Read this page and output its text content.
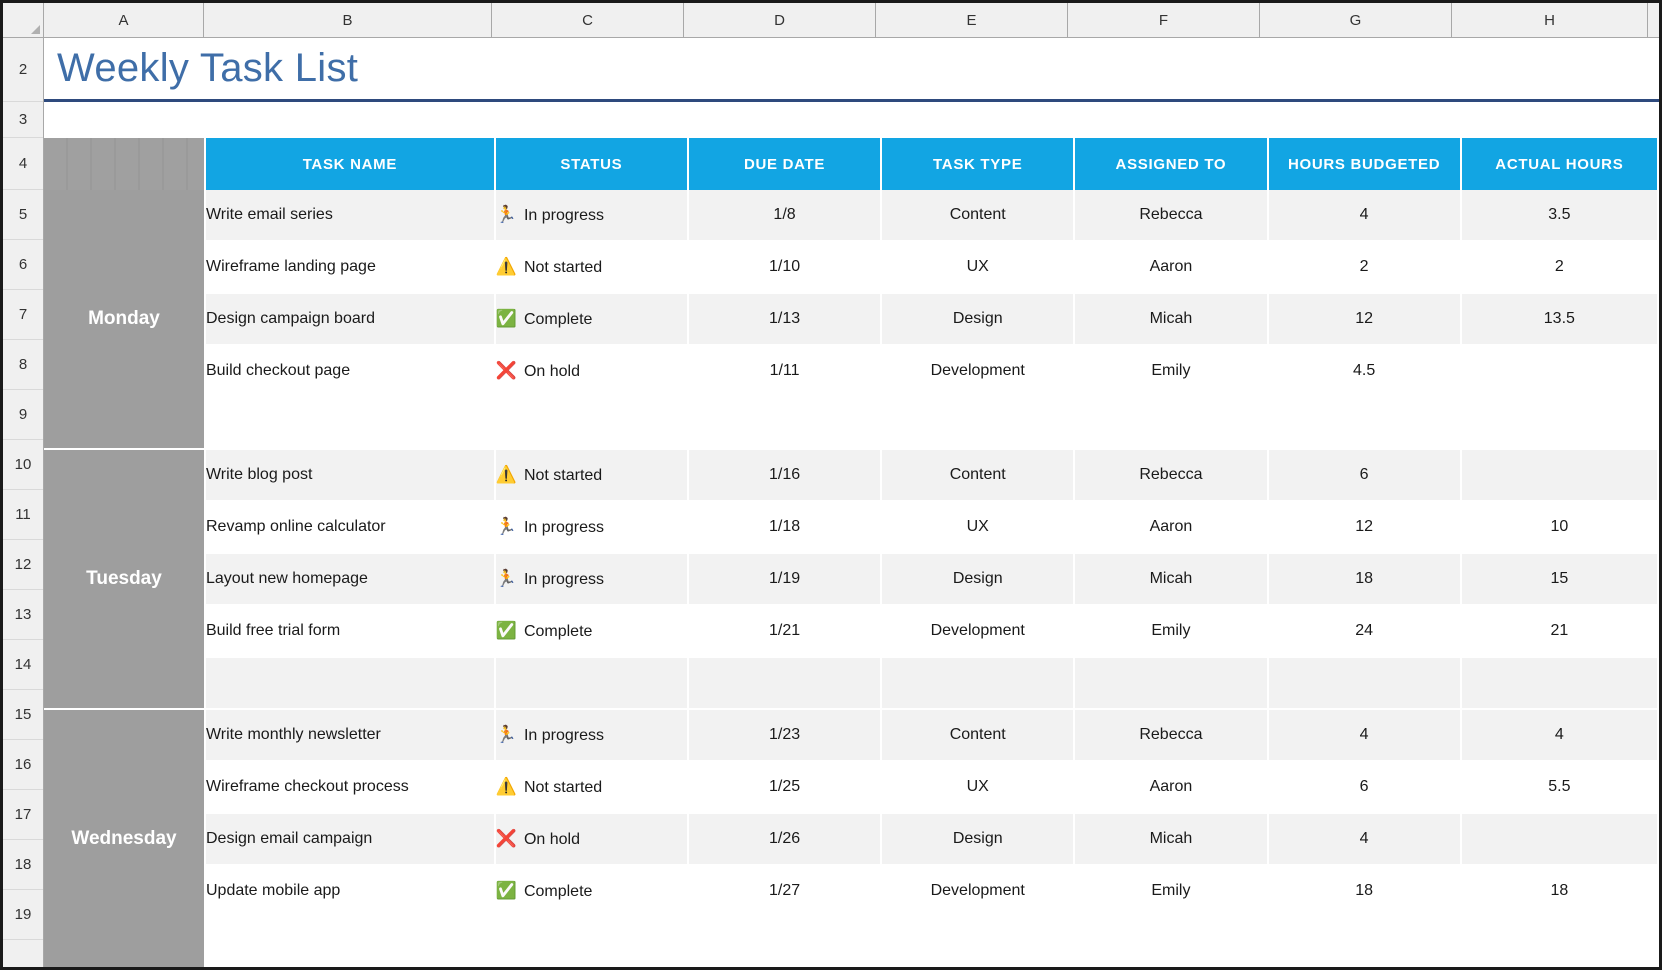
A	B	C	D	E	F	G	H
2
3
4
5
6
7
8
9
10
11
12
13
14
15
16
17
18
19
Weekly Task List
	TASK NAME	STATUS	DUE DATE	TASK TYPE	ASSIGNED TO	HOURS BUDGETED	ACTUAL HOURS
Monday	Write email series	🏃 In progress	1/8	Content	Rebecca	4	3.5
	Wireframe landing page	⚠️ Not started	1/10	UX	Aaron	2	2
	Design campaign board	✅ Complete	1/13	Design	Micah	12	13.5
	Build checkout page	❌ On hold	1/11	Development	Emily	4.5	

Tuesday	Write blog post	⚠️ Not started	1/16	Content	Rebecca	6	
	Revamp online calculator	🏃 In progress	1/18	UX	Aaron	12	10
	Layout new homepage	🏃 In progress	1/19	Design	Micah	18	15
	Build free trial form	✅ Complete	1/21	Development	Emily	24	21

Wednesday	Write monthly newsletter	🏃 In progress	1/23	Content	Rebecca	4	4
	Wireframe checkout process	⚠️ Not started	1/25	UX	Aaron	6	5.5
	Design email campaign	❌ On hold	1/26	Design	Micah	4	
	Update mobile app	✅ Complete	1/27	Development	Emily	18	18
